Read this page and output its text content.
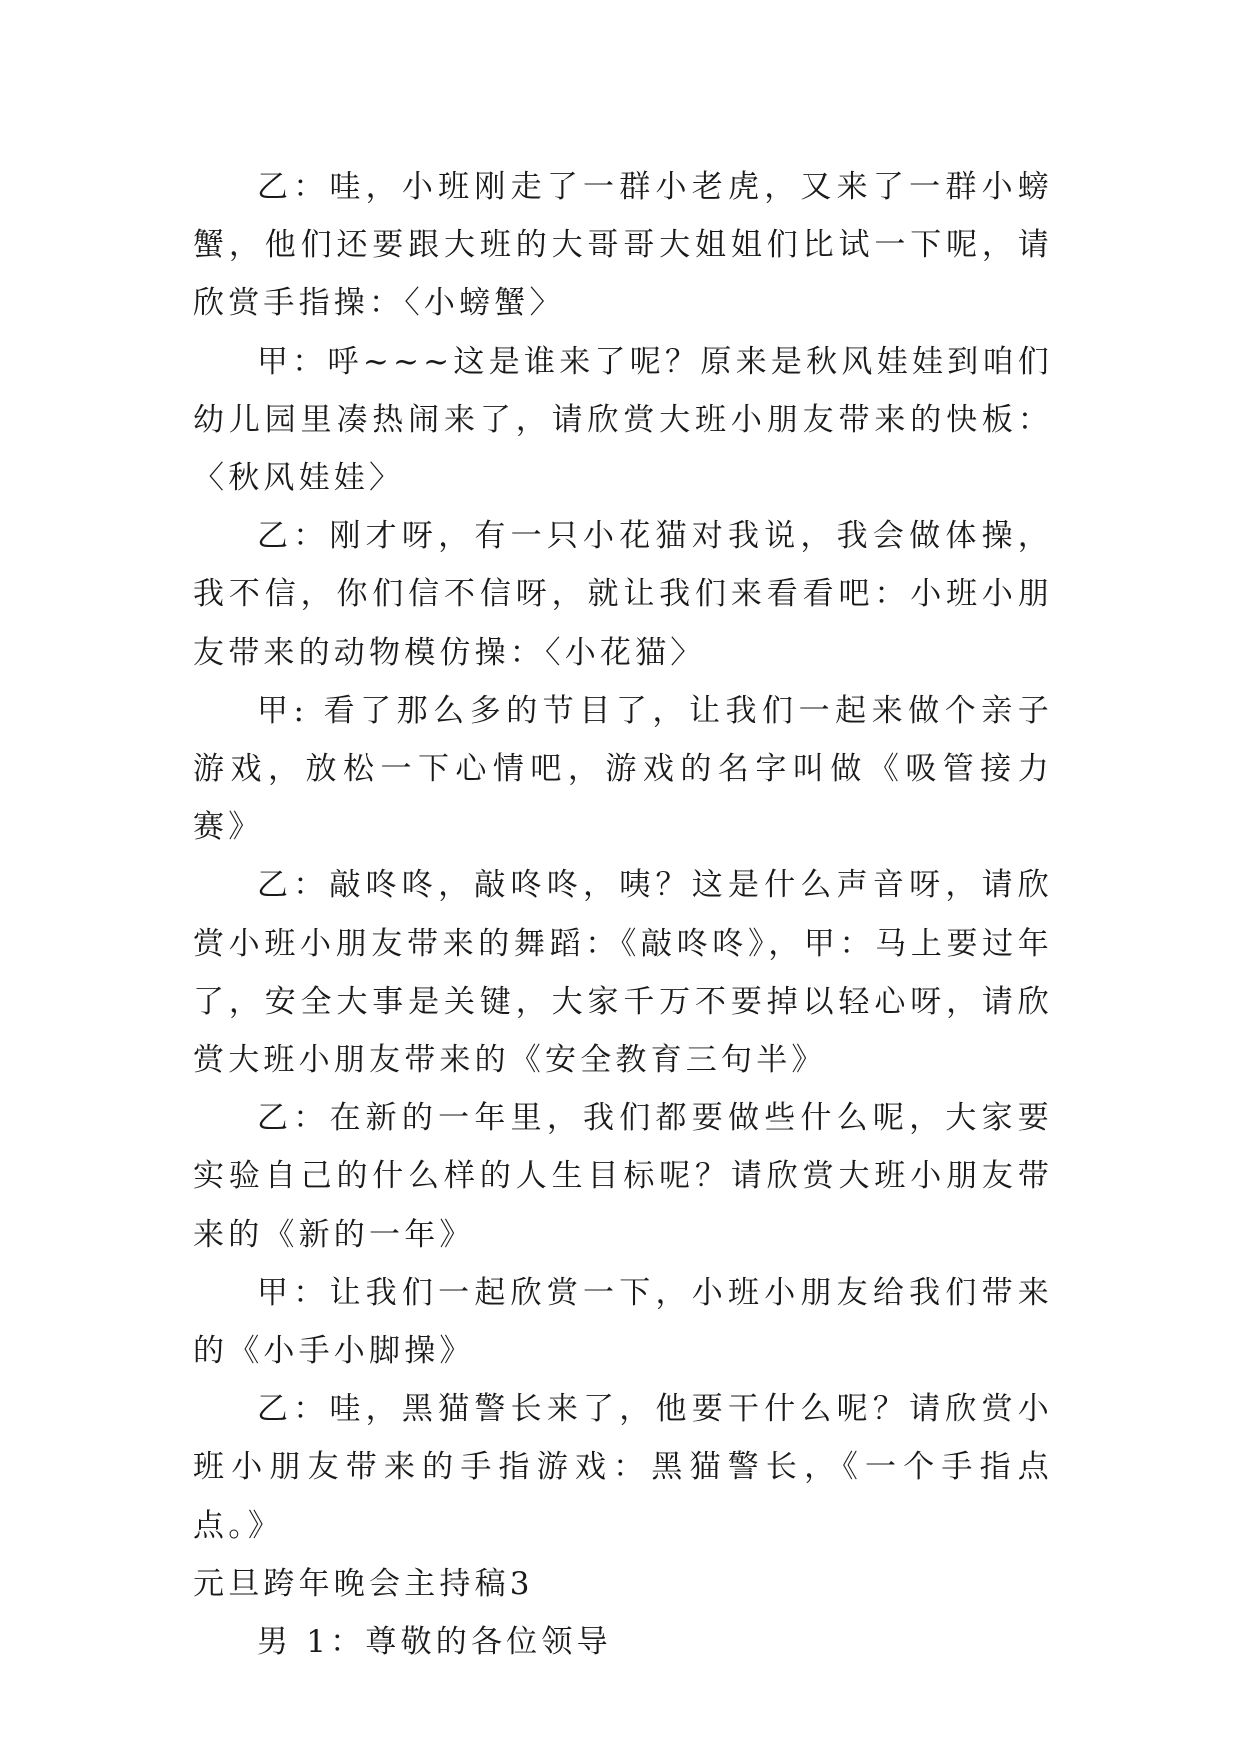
乙：哇，小班刚走了一群小老虎，又来了一群小螃蟹，他们还要跟大班的大哥哥大姐姐们比试一下呢，请欣赏手指操：〈小螃蟹〉

甲：呼~~~这是谁来了呢？原来是秋风娃娃到咱们幼儿园里凑热闹来了，请欣赏大班小朋友带来的快板：〈秋风娃娃〉

乙：刚才呀，有一只小花猫对我说，我会做体操，我不信，你们信不信呀，就让我们来看看吧：小班小朋友带来的动物模仿操：〈小花猫〉

甲: 看了那么多的节目了，让我们一起来做个亲子游戏，放松一下心情吧，游戏的名字叫做《吸管接力赛》

乙：敲咚咚，敲咚咚，咦？这是什么声音呀，请欣赏小班小朋友带来的舞蹈：《敲咚咚》，甲：马上要过年了，安全大事是关键，大家千万不要掉以轻心呀，请欣赏大班小朋友带来的《安全教育三句半》

乙：在新的一年里，我们都要做些什么呢，大家要实验自己的什么样的人生目标呢？请欣赏大班小朋友带来的《新的一年》

甲：让我们一起欣赏一下，小班小朋友给我们带来的《小手小脚操》

乙：哇，黑猫警长来了，他要干什么呢？请欣赏小班小朋友带来的手指游戏：黑猫警长，《一个手指点点。》

元旦跨年晚会主持稿3

男 1：尊敬的各位领导
